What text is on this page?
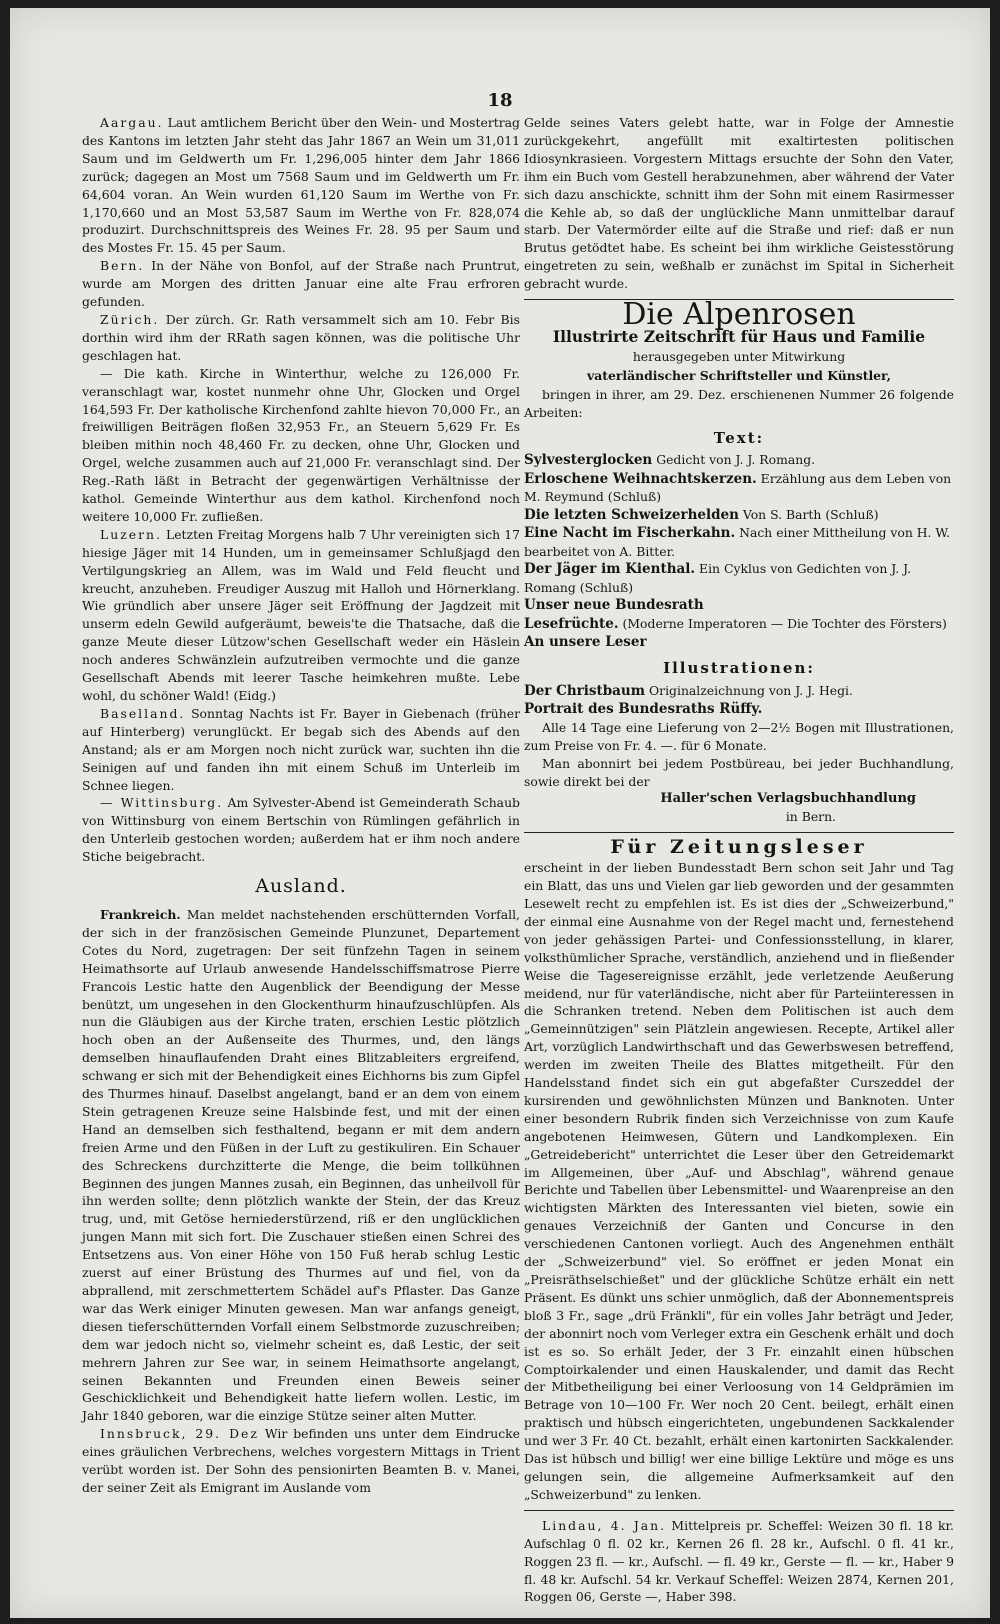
18

Aargau. Laut amtlichem Bericht über den Wein- und Mostertrag des Kantons im letzten Jahr steht das Jahr 1867 an Wein um 31,011 Saum und im Geldwerth um Fr. 1,296,005 hinter dem Jahr 1866 zurück; dagegen an Most um 7568 Saum und im Geldwerth um Fr. 64,604 voran. An Wein wurden 61,120 Saum im Werthe von Fr. 1,170,660 und an Most 53,587 Saum im Werthe von Fr. 828,074 produzirt. Durchschnittspreis des Weines Fr. 28. 95 per Saum und des Mostes Fr. 15. 45 per Saum.

Bern. In der Nähe von Bonfol, auf der Straße nach Pruntrut, wurde am Morgen des dritten Januar eine alte Frau erfroren gefunden.

Zürich. Der zürch. Gr. Rath versammelt sich am 10. Febr Bis dorthin wird ihm der RRath sagen können, was die politische Uhr geschlagen hat.

— Die kath. Kirche in Winterthur, welche zu 126,000 Fr. veranschlagt war, kostet nunmehr ohne Uhr, Glocken und Orgel 164,593 Fr. Der katholische Kirchenfond zahlte hievon 70,000 Fr., an freiwilligen Beiträgen floßen 32,953 Fr., an Steuern 5,629 Fr. Es bleiben mithin noch 48,460 Fr. zu decken, ohne Uhr, Glocken und Orgel, welche zusammen auch auf 21,000 Fr. veranschlagt sind. Der Reg.-Rath läßt in Betracht der gegenwärtigen Verhältnisse der kathol. Gemeinde Winterthur aus dem kathol. Kirchenfond noch weitere 10,000 Fr. zufließen.

Luzern. Letzten Freitag Morgens halb 7 Uhr vereinigten sich 17 hiesige Jäger mit 14 Hunden, um in gemeinsamer Schlußjagd den Vertilgungskrieg an Allem, was im Wald und Feld fleucht und kreucht, anzuheben. Freudiger Auszug mit Halloh und Hörnerklang. Wie gründlich aber unsere Jäger seit Eröffnung der Jagdzeit mit unserm edeln Gewild aufgeräumt, beweis'te die Thatsache, daß die ganze Meute dieser Lützow'schen Gesellschaft weder ein Häslein noch anderes Schwänzlein aufzutreiben vermochte und die ganze Gesellschaft Abends mit leerer Tasche heimkehren mußte. Lebe wohl, du schöner Wald! (Eidg.)

Baselland. Sonntag Nachts ist Fr. Bayer in Giebenach (früher auf Hinterberg) verunglückt. Er begab sich des Abends auf den Anstand; als er am Morgen noch nicht zurück war, suchten ihn die Seinigen auf und fanden ihn mit einem Schuß im Unterleib im Schnee liegen.

— Wittinsburg. Am Sylvester-Abend ist Gemeinderath Schaub von Wittinsburg von einem Bertschin von Rümlingen gefährlich in den Unterleib gestochen worden; außerdem hat er ihm noch andere Stiche beigebracht.

Ausland.

Frankreich. Man meldet nachstehenden erschütternden Vorfall, der sich in der französischen Gemeinde Plunzunet, Departement Cotes du Nord, zugetragen: Der seit fünfzehn Tagen in seinem Heimathsorte auf Urlaub anwesende Handelsschiffsmatrose Pierre Francois Lestic hatte den Augenblick der Beendigung der Messe benützt, um ungesehen in den Glockenthurm hinaufzuschlüpfen. Als nun die Gläubigen aus der Kirche traten, erschien Lestic plötzlich hoch oben an der Außenseite des Thurmes, und, den längs demselben hinauflaufenden Draht eines Blitzableiters ergreifend, schwang er sich mit der Behendigkeit eines Eichhorns bis zum Gipfel des Thurmes hinauf. Daselbst angelangt, band er an dem von einem Stein getragenen Kreuze seine Halsbinde fest, und mit der einen Hand an demselben sich festhaltend, begann er mit dem andern freien Arme und den Füßen in der Luft zu gestikuliren. Ein Schauer des Schreckens durchzitterte die Menge, die beim tollkühnen Beginnen des jungen Mannes zusah, ein Beginnen, das unheilvoll für ihn werden sollte; denn plötzlich wankte der Stein, der das Kreuz trug, und, mit Getöse herniederstürzend, riß er den unglücklichen jungen Mann mit sich fort. Die Zuschauer stießen einen Schrei des Entsetzens aus. Von einer Höhe von 150 Fuß herab schlug Lestic zuerst auf einer Brüstung des Thurmes auf und fiel, von da abprallend, mit zerschmettertem Schädel auf's Pflaster. Das Ganze war das Werk einiger Minuten gewesen. Man war anfangs geneigt, diesen tieferschütternden Vorfall einem Selbstmorde zuzuschreiben; dem war jedoch nicht so, vielmehr scheint es, daß Lestic, der seit mehrern Jahren zur See war, in seinem Heimathsorte angelangt, seinen Bekannten und Freunden einen Beweis seiner Geschicklichkeit und Behendigkeit hatte liefern wollen. Lestic, im Jahr 1840 geboren, war die einzige Stütze seiner alten Mutter.

Innsbruck, 29. Dez Wir befinden uns unter dem Eindrucke eines gräulichen Verbrechens, welches vorgestern Mittags in Trient verübt worden ist. Der Sohn des pensionirten Beamten B. v. Manei, der seiner Zeit als Emigrant im Auslande vom

Gelde seines Vaters gelebt hatte, war in Folge der Amnestie zurückgekehrt, angefüllt mit exaltirtesten politischen Idiosynkrasieen. Vorgestern Mittags ersuchte der Sohn den Vater, ihm ein Buch vom Gestell herabzunehmen, aber während der Vater sich dazu anschickte, schnitt ihm der Sohn mit einem Rasirmesser die Kehle ab, so daß der unglückliche Mann unmittelbar darauf starb. Der Vatermörder eilte auf die Straße und rief: daß er nun Brutus getödtet habe. Es scheint bei ihm wirkliche Geistesstörung eingetreten zu sein, weßhalb er zunächst im Spital in Sicherheit gebracht wurde.

Die Alpenrosen
Illustrirte Zeitschrift für Haus und Familie
herausgegeben unter Mitwirkung
vaterländischer Schriftsteller und Künstler,

bringen in ihrer, am 29. Dez. erschienenen Nummer 26 folgende Arbeiten:

Text:
Sylvesterglocken Gedicht von J. J. Romang.
Erloschene Weihnachtskerzen. Erzählung aus dem Leben von M. Reymund (Schluß)
Die letzten Schweizerhelden Von S. Barth (Schluß)
Eine Nacht im Fischerkahn. Nach einer Mittheilung von H. W. bearbeitet von A. Bitter.
Der Jäger im Kienthal. Ein Cyklus von Gedichten von J. J. Romang (Schluß)
Unser neue Bundesrath
Lesefrüchte. (Moderne Imperatoren — Die Tochter des Försters)
An unsere Leser
Illustrationen:
Der Christbaum Originalzeichnung von J. J. Hegi.
Portrait des Bundesraths Rüffy.

Alle 14 Tage eine Lieferung von 2—2½ Bogen mit Illustrationen, zum Preise von Fr. 4. —. für 6 Monate.

Man abonnirt bei jedem Postbüreau, bei jeder Buchhandlung, sowie direkt bei der

Haller'schen Verlagsbuchhandlung
in Bern.
Für Zeitungsleser

erscheint in der lieben Bundesstadt Bern schon seit Jahr und Tag ein Blatt, das uns und Vielen gar lieb geworden und der gesammten Lesewelt recht zu empfehlen ist. Es ist dies der „Schweizerbund," der einmal eine Ausnahme von der Regel macht und, fernestehend von jeder gehässigen Partei- und Confessionsstellung, in klarer, volksthümlicher Sprache, verständlich, anziehend und in fließender Weise die Tagesereignisse erzählt, jede verletzende Aeußerung meidend, nur für vaterländische, nicht aber für Parteiinteressen in die Schranken tretend. Neben dem Politischen ist auch dem „Gemeinnützigen" sein Plätzlein angewiesen. Recepte, Artikel aller Art, vorzüglich Landwirthschaft und das Gewerbswesen betreffend, werden im zweiten Theile des Blattes mitgetheilt. Für den Handelsstand findet sich ein gut abgefaßter Curszeddel der kursirenden und gewöhnlichsten Münzen und Banknoten. Unter einer besondern Rubrik finden sich Verzeichnisse von zum Kaufe angebotenen Heimwesen, Gütern und Landkomplexen. Ein „Getreidebericht" unterrichtet die Leser über den Getreidemarkt im Allgemeinen, über „Auf- und Abschlag", während genaue Berichte und Tabellen über Lebensmittel- und Waarenpreise an den wichtigsten Märkten des Interessanten viel bieten, sowie ein genaues Verzeichniß der Ganten und Concurse in den verschiedenen Cantonen vorliegt. Auch des Angenehmen enthält der „Schweizerbund" viel. So eröffnet er jeden Monat ein „Preisräthselschießet" und der glückliche Schütze erhält ein nett Präsent. Es dünkt uns schier unmöglich, daß der Abonnementspreis bloß 3 Fr., sage „drü Fränkli", für ein volles Jahr beträgt und Jeder, der abonnirt noch vom Verleger extra ein Geschenk erhält und doch ist es so. So erhält Jeder, der 3 Fr. einzahlt einen hübschen Comptoirkalender und einen Hauskalender, und damit das Recht der Mitbetheiligung bei einer Verloosung von 14 Geldprämien im Betrage von 10—100 Fr. Wer noch 20 Cent. beilegt, erhält einen praktisch und hübsch eingerichteten, ungebundenen Sackkalender und wer 3 Fr. 40 Ct. bezahlt, erhält einen kartonirten Sackkalender. Das ist hübsch und billig! wer eine billige Lektüre und möge es uns gelungen sein, die allgemeine Aufmerksamkeit auf den „Schweizerbund" zu lenken.

Lindau, 4. Jan. Mittelpreis pr. Scheffel: Weizen 30 fl. 18 kr. Aufschlag 0 fl. 02 kr., Kernen 26 fl. 28 kr., Aufschl. 0 fl. 41 kr., Roggen 23 fl. — kr., Aufschl. — fl. 49 kr., Gerste — fl. — kr., Haber 9 fl. 48 kr. Aufschl. 54 kr. Verkauf Scheffel: Weizen 2874, Kernen 201, Roggen 06, Gerste —, Haber 398.
